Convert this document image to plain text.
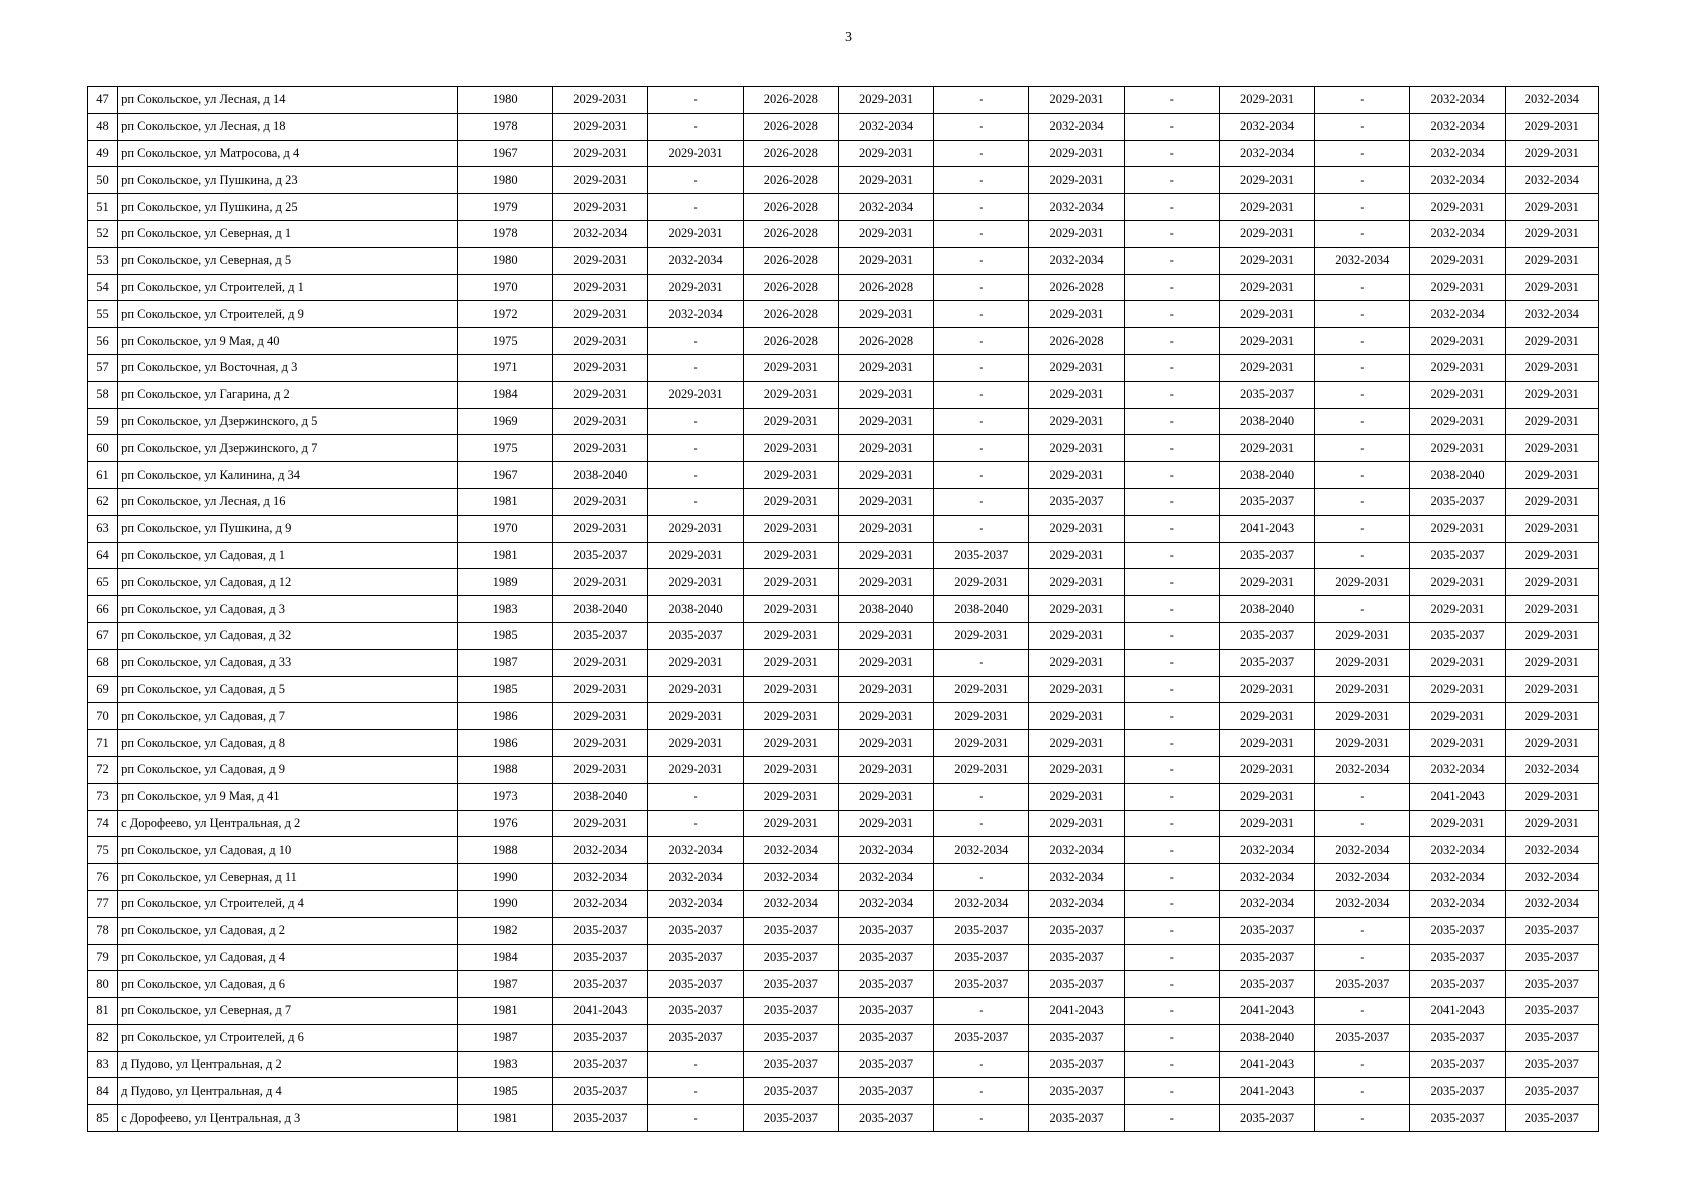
3
47	рп Сокольское, ул Лесная, д 14	1980	2029-2031	-	2026-2028	2029-2031	-	2029-2031	-	2029-2031	-	2032-2034	2032-2034
48	рп Сокольское, ул Лесная, д 18	1978	2029-2031	-	2026-2028	2032-2034	-	2032-2034	-	2032-2034	-	2032-2034	2029-2031
49	рп Сокольское, ул Матросова, д 4	1967	2029-2031	2029-2031	2026-2028	2029-2031	-	2029-2031	-	2032-2034	-	2032-2034	2029-2031
50	рп Сокольское, ул Пушкина, д 23	1980	2029-2031	-	2026-2028	2029-2031	-	2029-2031	-	2029-2031	-	2032-2034	2032-2034
51	рп Сокольское, ул Пушкина, д 25	1979	2029-2031	-	2026-2028	2032-2034	-	2032-2034	-	2029-2031	-	2029-2031	2029-2031
52	рп Сокольское, ул Северная, д 1	1978	2032-2034	2029-2031	2026-2028	2029-2031	-	2029-2031	-	2029-2031	-	2032-2034	2029-2031
53	рп Сокольское, ул Северная, д 5	1980	2029-2031	2032-2034	2026-2028	2029-2031	-	2032-2034	-	2029-2031	2032-2034	2029-2031	2029-2031
54	рп Сокольское, ул Строителей, д 1	1970	2029-2031	2029-2031	2026-2028	2026-2028	-	2026-2028	-	2029-2031	-	2029-2031	2029-2031
55	рп Сокольское, ул Строителей, д 9	1972	2029-2031	2032-2034	2026-2028	2029-2031	-	2029-2031	-	2029-2031	-	2032-2034	2032-2034
56	рп Сокольское, ул 9 Мая, д 40	1975	2029-2031	-	2026-2028	2026-2028	-	2026-2028	-	2029-2031	-	2029-2031	2029-2031
57	рп Сокольское, ул Восточная, д 3	1971	2029-2031	-	2029-2031	2029-2031	-	2029-2031	-	2029-2031	-	2029-2031	2029-2031
58	рп Сокольское, ул Гагарина, д 2	1984	2029-2031	2029-2031	2029-2031	2029-2031	-	2029-2031	-	2035-2037	-	2029-2031	2029-2031
59	рп Сокольское, ул Дзержинского, д 5	1969	2029-2031	-	2029-2031	2029-2031	-	2029-2031	-	2038-2040	-	2029-2031	2029-2031
60	рп Сокольское, ул Дзержинского, д 7	1975	2029-2031	-	2029-2031	2029-2031	-	2029-2031	-	2029-2031	-	2029-2031	2029-2031
61	рп Сокольское, ул Калинина, д 34	1967	2038-2040	-	2029-2031	2029-2031	-	2029-2031	-	2038-2040	-	2038-2040	2029-2031
62	рп Сокольское, ул Лесная, д 16	1981	2029-2031	-	2029-2031	2029-2031	-	2035-2037	-	2035-2037	-	2035-2037	2029-2031
63	рп Сокольское, ул Пушкина, д 9	1970	2029-2031	2029-2031	2029-2031	2029-2031	-	2029-2031	-	2041-2043	-	2029-2031	2029-2031
64	рп Сокольское, ул Садовая, д 1	1981	2035-2037	2029-2031	2029-2031	2029-2031	2035-2037	2029-2031	-	2035-2037	-	2035-2037	2029-2031
65	рп Сокольское, ул Садовая, д 12	1989	2029-2031	2029-2031	2029-2031	2029-2031	2029-2031	2029-2031	-	2029-2031	2029-2031	2029-2031	2029-2031
66	рп Сокольское, ул Садовая, д 3	1983	2038-2040	2038-2040	2029-2031	2038-2040	2038-2040	2029-2031	-	2038-2040	-	2029-2031	2029-2031
67	рп Сокольское, ул Садовая, д 32	1985	2035-2037	2035-2037	2029-2031	2029-2031	2029-2031	2029-2031	-	2035-2037	2029-2031	2035-2037	2029-2031
68	рп Сокольское, ул Садовая, д 33	1987	2029-2031	2029-2031	2029-2031	2029-2031	-	2029-2031	-	2035-2037	2029-2031	2029-2031	2029-2031
69	рп Сокольское, ул Садовая, д 5	1985	2029-2031	2029-2031	2029-2031	2029-2031	2029-2031	2029-2031	-	2029-2031	2029-2031	2029-2031	2029-2031
70	рп Сокольское, ул Садовая, д 7	1986	2029-2031	2029-2031	2029-2031	2029-2031	2029-2031	2029-2031	-	2029-2031	2029-2031	2029-2031	2029-2031
71	рп Сокольское, ул Садовая, д 8	1986	2029-2031	2029-2031	2029-2031	2029-2031	2029-2031	2029-2031	-	2029-2031	2029-2031	2029-2031	2029-2031
72	рп Сокольское, ул Садовая, д 9	1988	2029-2031	2029-2031	2029-2031	2029-2031	2029-2031	2029-2031	-	2029-2031	2032-2034	2032-2034	2032-2034
73	рп Сокольское, ул 9 Мая, д 41	1973	2038-2040	-	2029-2031	2029-2031	-	2029-2031	-	2029-2031	-	2041-2043	2029-2031
74	с Дорофеево, ул Центральная, д 2	1976	2029-2031	-	2029-2031	2029-2031	-	2029-2031	-	2029-2031	-	2029-2031	2029-2031
75	рп Сокольское, ул Садовая, д 10	1988	2032-2034	2032-2034	2032-2034	2032-2034	2032-2034	2032-2034	-	2032-2034	2032-2034	2032-2034	2032-2034
76	рп Сокольское, ул Северная, д 11	1990	2032-2034	2032-2034	2032-2034	2032-2034	-	2032-2034	-	2032-2034	2032-2034	2032-2034	2032-2034
77	рп Сокольское, ул Строителей, д 4	1990	2032-2034	2032-2034	2032-2034	2032-2034	2032-2034	2032-2034	-	2032-2034	2032-2034	2032-2034	2032-2034
78	рп Сокольское, ул Садовая, д 2	1982	2035-2037	2035-2037	2035-2037	2035-2037	2035-2037	2035-2037	-	2035-2037	-	2035-2037	2035-2037
79	рп Сокольское, ул Садовая, д 4	1984	2035-2037	2035-2037	2035-2037	2035-2037	2035-2037	2035-2037	-	2035-2037	-	2035-2037	2035-2037
80	рп Сокольское, ул Садовая, д 6	1987	2035-2037	2035-2037	2035-2037	2035-2037	2035-2037	2035-2037	-	2035-2037	2035-2037	2035-2037	2035-2037
81	рп Сокольское, ул Северная, д 7	1981	2041-2043	2035-2037	2035-2037	2035-2037	-	2041-2043	-	2041-2043	-	2041-2043	2035-2037
82	рп Сокольское, ул Строителей, д 6	1987	2035-2037	2035-2037	2035-2037	2035-2037	2035-2037	2035-2037	-	2038-2040	2035-2037	2035-2037	2035-2037
83	д Пудово, ул Центральная, д 2	1983	2035-2037	-	2035-2037	2035-2037	-	2035-2037	-	2041-2043	-	2035-2037	2035-2037
84	д Пудово, ул Центральная, д 4	1985	2035-2037	-	2035-2037	2035-2037	-	2035-2037	-	2041-2043	-	2035-2037	2035-2037
85	с Дорофеево, ул Центральная, д 3	1981	2035-2037	-	2035-2037	2035-2037	-	2035-2037	-	2035-2037	-	2035-2037	2035-2037
